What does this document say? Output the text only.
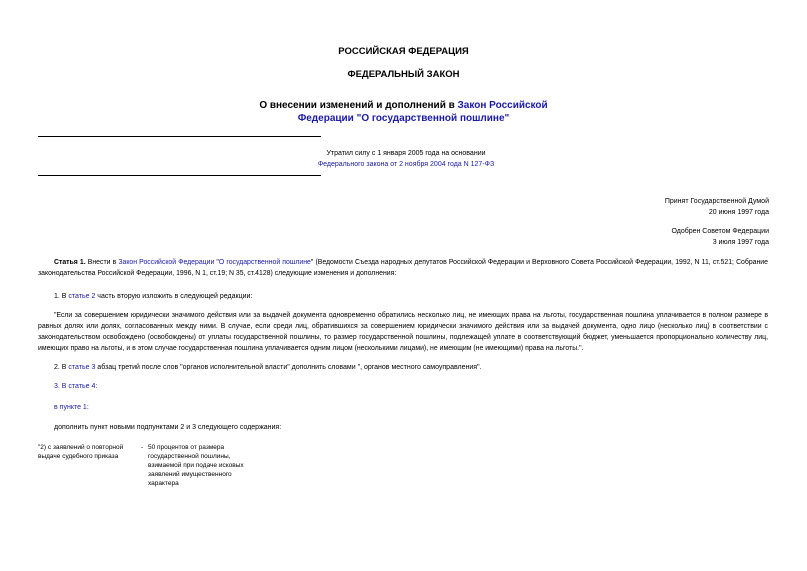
РОССИЙСКАЯ ФЕДЕРАЦИЯ
ФЕДЕРАЛЬНЫЙ ЗАКОН
О внесении изменений и дополнений в Закон Российской
Федерации "О государственной пошлине"
Утратил силу с 1 января 2005 года на основании
Федерального закона от 2 ноября 2004 года N 127-ФЗ
Принят Государственной Думой
20 июня 1997 года
Одобрен Советом Федерации
3 июля 1997 года
Статья 1. Внести в Закон Российской Федерации "О государственной пошлине" (Ведомости Съезда народных депутатов Российской Федерации и Верховного Совета Российской Федерации, 1992, N 11, ст.521; Собрание законодательства Российской Федерации, 1996, N 1, ст.19; N 35, ст.4128) следующие изменения и дополнения:
1. В статье 2 часть вторую изложить в следующей редакции:
"Если за совершением юридически значимого действия или за выдачей документа одновременно обратились несколько лиц, не имеющих права на льготы, государственная пошлина уплачивается в полном размере в равных долях или долях, согласованных между ними. В случае, если среди лиц, обратившихся за совершением юридически значимого действия или за выдачей документа, одно лицо (несколько лиц) в соответствии с законодательством освобождено (освобождены) от уплаты государственной пошлины, то размер государственной пошлины, подлежащей уплате в соответствующий бюджет, уменьшается пропорционально количеству лиц, имеющих право на льготы, и в этом случае государственная пошлина уплачивается одним лицом (несколькими лицами), не имеющим (не имеющими) права на льготы.".
2. В статье 3 абзац третий после слов "органов исполнительной власти" дополнить словами ", органов местного самоуправления".
3. В статье 4:
в пункте 1:
дополнить пункт новыми подпунктами 2 и 3 следующего содержания:
"2) с заявлений о повторной
выдаче судебного приказа
- 50 процентов от размера
государственной пошлины,
взимаемой при подаче исковых
заявлений имущественного
характера
